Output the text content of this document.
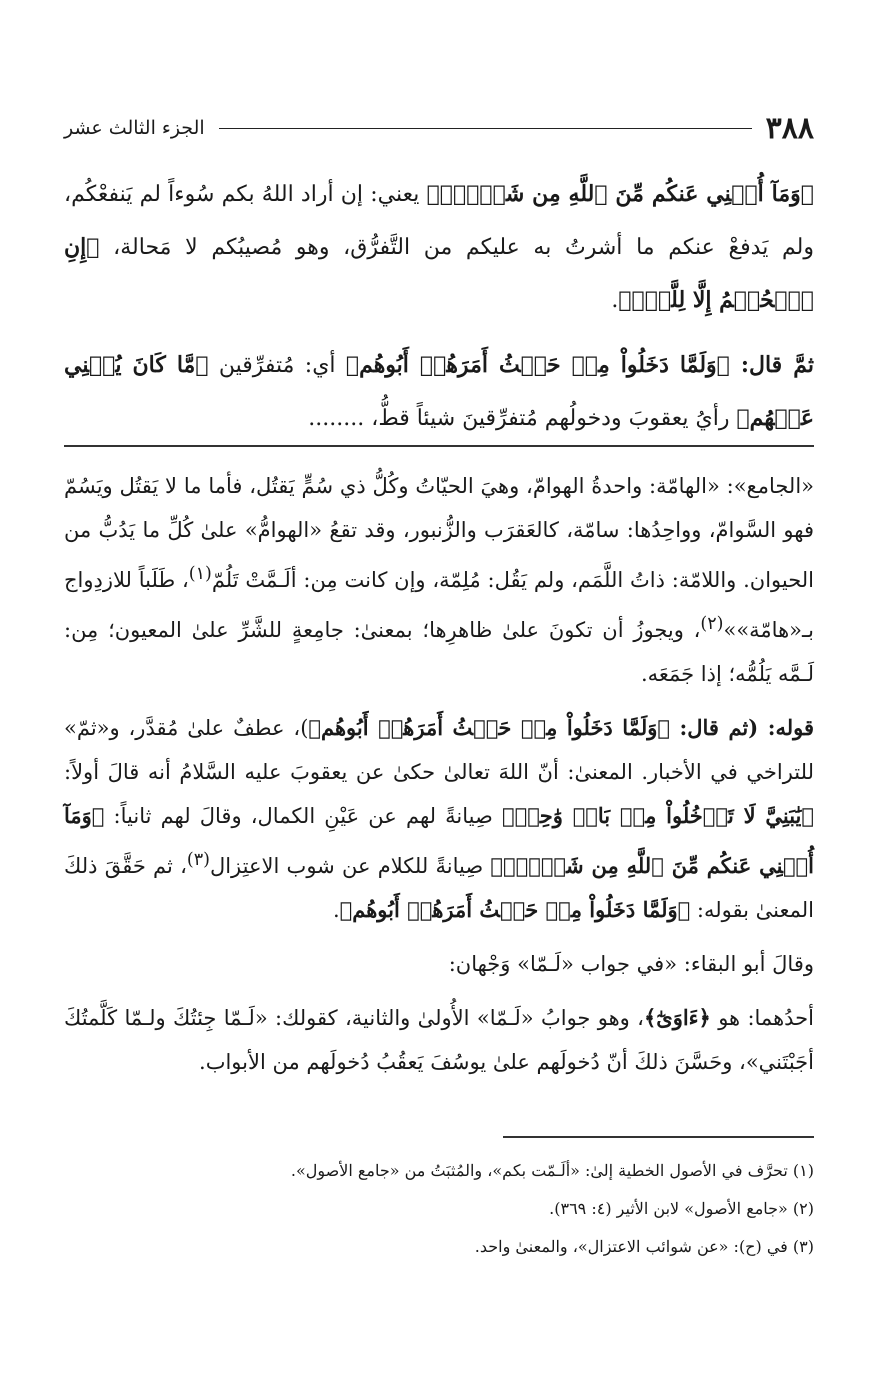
٣٨٨
الجزء الثالث عشر

﴿وَمَآ أُغۡنِي عَنكُم مِّنَ ٱللَّهِ مِن شَيۡءٍۖ﴾ يعني: إن أراد اللهُ بكم سُوءاً لم يَنفعْكُم، ولم يَدفعْ عنكم ما أشرتُ به عليكم من التَّفرُّق، وهو مُصيبُكم لا مَحالة، ﴿إِنِ ٱلۡحُكۡمُ إِلَّا لِلَّهِۖ﴾.

ثمَّ قال: ﴿وَلَمَّا دَخَلُواْ مِنۡ حَيۡثُ أَمَرَهُمۡ أَبُوهُم﴾ أي: مُتفرِّقين ﴿مَّا كَانَ يُغۡنِي عَنۡهُم﴾ رأيُ يعقوبَ ودخولُهم مُتفرِّقينَ شيئاً قطُّ، ........

«الجامع»: «الهامّة: واحدةُ الهوامّ، وهيَ الحيّاتُ وكُلُّ ذي سُمٍّ يَقتُل، فأما ما لا يَقتُل ويَسُمّ فهو السَّوامّ، وواحِدُها: سامّة، كالعَقرَب والزُّنبور، وقد تقعُ «الهوامُّ» علىٰ كُلِّ ما يَدُبُّ من الحيوان. واللامّة: ذاتُ اللَّمَم، ولم يَقُل: مُلِمّة، وإن كانت مِن: ألَـمَّتْ تَلُمّ$^{(١)}$، طَلَباً للازدِواج بـ«هامّة»»$^{(٢)}$، ويجوزُ أن تكونَ علىٰ ظاهرِها؛ بمعنىٰ: جامِعةٍ للشَّرِّ علىٰ المعيون؛ مِن: لَـمَّه يَلُمُّه؛ إذا جَمَعَه.

قوله: (ثم قال: ﴿وَلَمَّا دَخَلُواْ مِنۡ حَيۡثُ أَمَرَهُمۡ أَبُوهُم﴾)، عطفٌ علىٰ مُقدَّر، و«ثمّ» للتراخي في الأخبار. المعنىٰ: أنّ اللهَ تعالىٰ حكىٰ عن يعقوبَ عليه السَّلامُ أنه قالَ أولاً: ﴿يَٰبَنِيَّ لَا تَدۡخُلُواْ مِنۢ بَابٖ وَٰحِدٖ﴾ صِيانةً لهم عن عَيْنِ الكمال، وقالَ لهم ثانياً: ﴿وَمَآ أُغۡنِي عَنكُم مِّنَ ٱللَّهِ مِن شَيۡءٍۖ﴾ صِيانةً للكلام عن شوب الاعتِزال$^{(٣)}$، ثم حَقَّقَ ذلكَ المعنىٰ بقوله: ﴿وَلَمَّا دَخَلُواْ مِنۡ حَيۡثُ أَمَرَهُمۡ أَبُوهُم﴾.

وقالَ أبو البقاء: «في جواب «لَـمّا» وَجْهان:

أحدُهما: هو ﴿ءَاوَىٰٓ﴾، وهو جوابُ «لَـمّا» الأُولىٰ والثانية، كقولك: «لَـمّا جِئتُكَ ولـمّا كَلَّمتُكَ أجَبْتَني»، وحَسَّنَ ذلكَ أنّ دُخولَهم علىٰ يوسُفَ يَعقُبُ دُخولَهم من الأبواب.

(١) تحرَّف في الأصول الخطية إلىٰ: «ألَـمّت بكم»، والمُثبَتُ من «جامع الأصول».

(٢) «جامع الأصول» لابن الأثير (٤: ٣٦٩).

(٣) في (ح): «عن شوائب الاعتزال»، والمعنىٰ واحد.
